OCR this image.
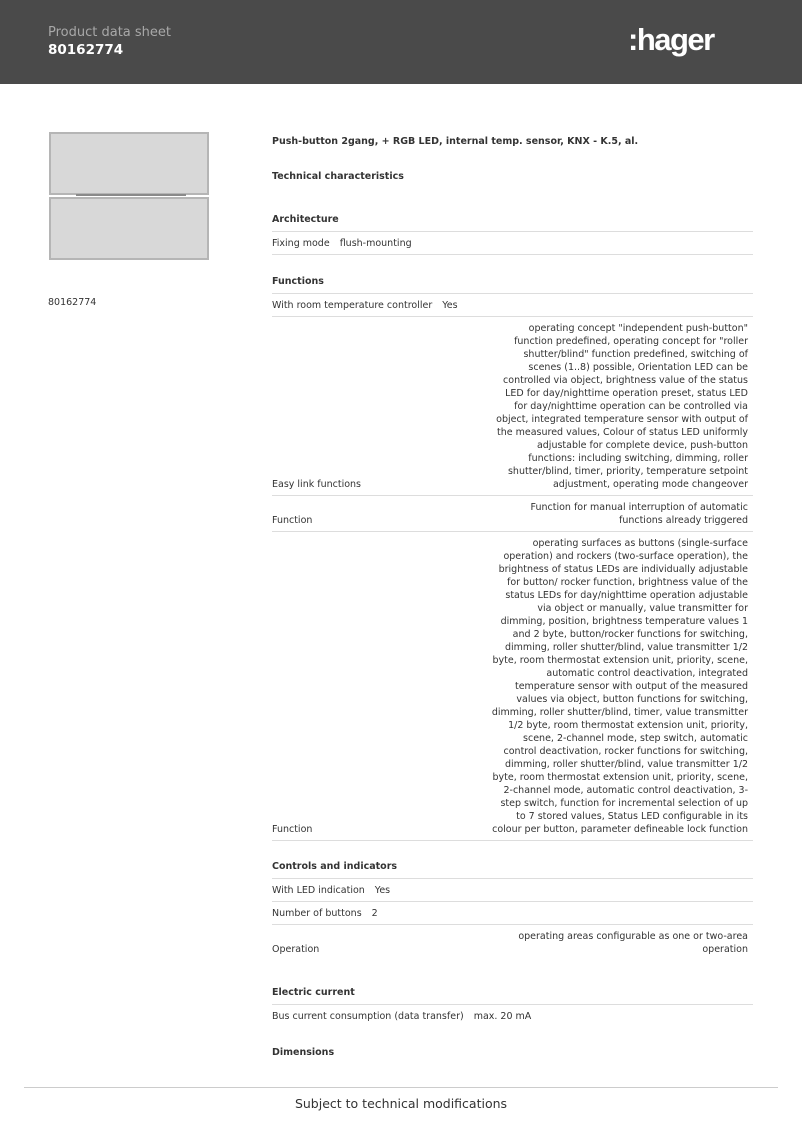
Product data sheet
80162774	:hager
80162774
Push-button 2gang, + RGB LED, internal temp. sensor, KNX - K.5, al.
Technical characteristics
Architecture
Fixing mode flush-mounting
Functions
With room temperature controller Yes
Easy link functions
operating concept "independent push-button" function predefined, operating concept for "roller shutter/blind" function predefined, switching of scenes (1..8) possible, Orientation LED can be controlled via object, brightness value of the status LED for day/nighttime operation preset, status LED for day/nighttime operation can be controlled via object, integrated temperature sensor with output of the measured values, Colour of status LED uniformly adjustable for complete device, push-button functions: including switching, dimming, roller shutter/blind, timer, priority, temperature setpoint adjustment, operating mode changeover
Function
Function for manual interruption of automatic functions already triggered
Function
operating surfaces as buttons (single-surface operation) and rockers (two-surface operation), the brightness of status LEDs are individually adjustable for button/ rocker function, brightness value of the status LEDs for day/nighttime operation adjustable via object or manually, value transmitter for dimming, position, brightness temperature values 1 and 2 byte, button/rocker functions for switching, dimming, roller shutter/blind, value transmitter 1/2 byte, room thermostat extension unit, priority, scene, automatic control deactivation, integrated temperature sensor with output of the measured values via object, button functions for switching, dimming, roller shutter/blind, timer, value transmitter 1/2 byte, room thermostat extension unit, priority, scene, 2-channel mode, step switch, automatic control deactivation, rocker functions for switching, dimming, roller shutter/blind, value transmitter 1/2 byte, room thermostat extension unit, priority, scene, 2-channel mode, automatic control deactivation, 3-step switch, function for incremental selection of up to 7 stored values, Status LED configurable in its colour per button, parameter defineable lock function
Controls and indicators
With LED indication Yes
Number of buttons 2
Operation
operating areas configurable as one or two-area operation
Electric current
Bus current consumption (data transfer) max. 20 mA
Dimensions
Subject to technical modifications
